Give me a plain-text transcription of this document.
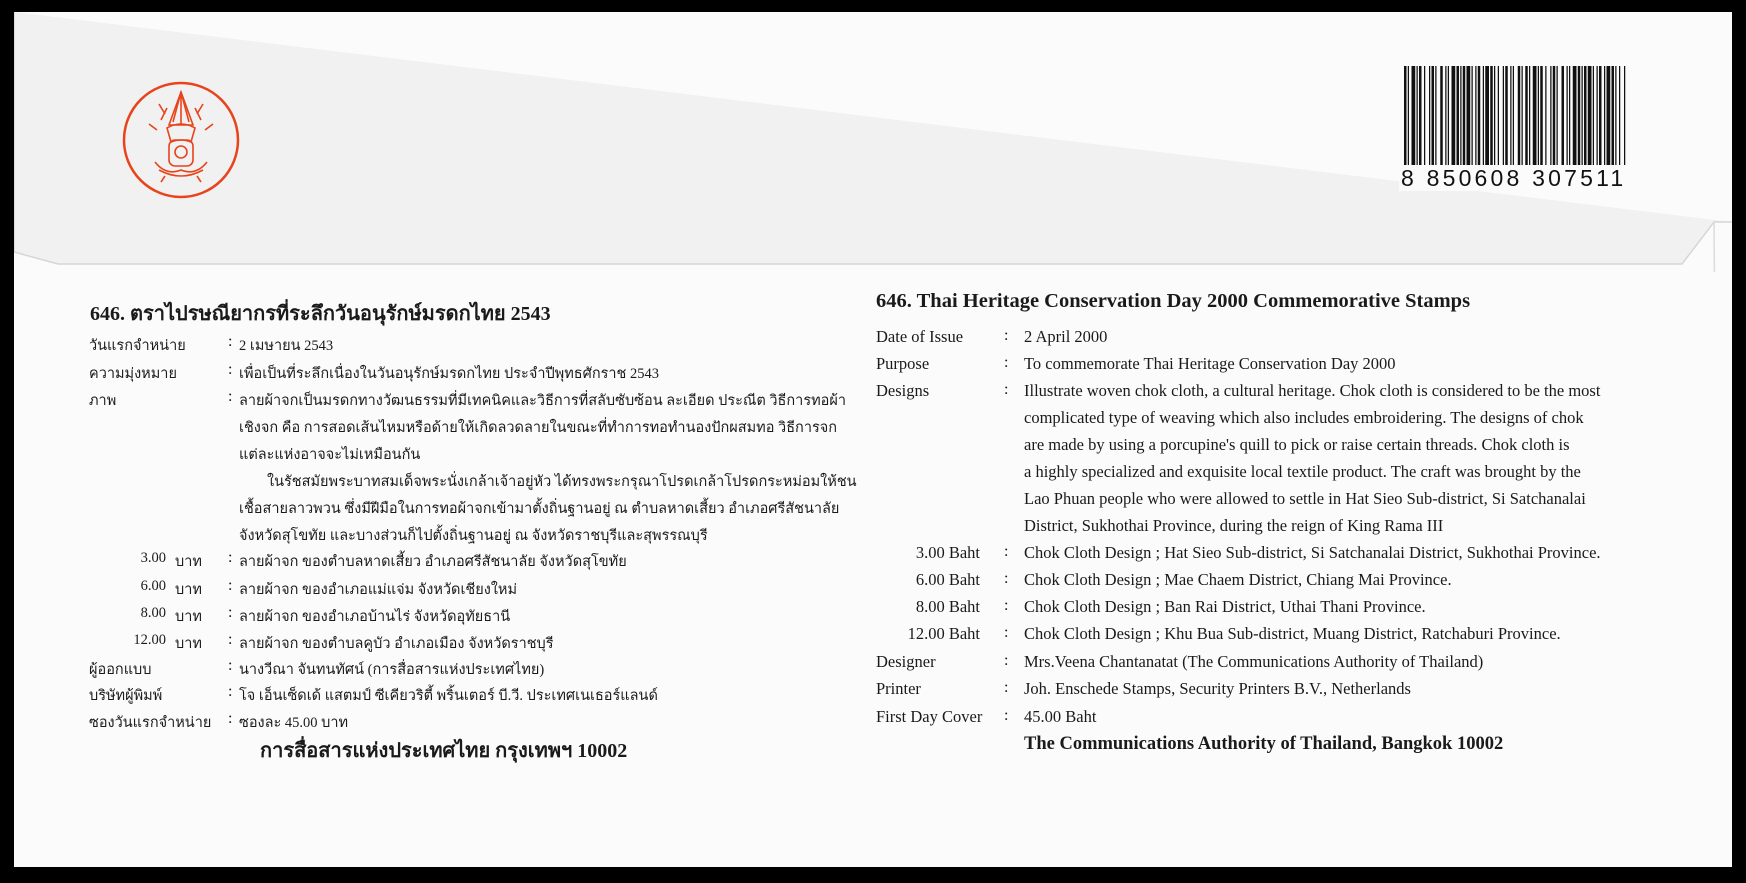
8 850608 307511
646. ตราไปรษณียากรที่ระลึกวันอนุรักษ์มรดกไทย 2543
วันแรกจำหน่าย	: 2 เมษายน 2543
ความมุ่งหมาย	: เพื่อเป็นที่ระลึกเนื่องในวันอนุรักษ์มรดกไทย ประจำปีพุทธศักราช 2543
ภาพ	: ลายผ้าจกเป็นมรดกทางวัฒนธรรมที่มีเทคนิคและวิธีการที่สลับซับซ้อน ละเอียด ประณีต วิธีการทอผ้า
เชิงจก คือ การสอดเส้นไหมหรือด้ายให้เกิดลวดลายในขณะที่ทำการทอทำนองปักผสมทอ วิธีการจก
แต่ละแห่งอาจจะไม่เหมือนกัน
ในรัชสมัยพระบาทสมเด็จพระนั่งเกล้าเจ้าอยู่หัว ได้ทรงพระกรุณาโปรดเกล้าโปรดกระหม่อมให้ชน
เชื้อสายลาวพวน ซึ่งมีฝีมือในการทอผ้าจกเข้ามาตั้งถิ่นฐานอยู่ ณ ตำบลหาดเสี้ยว อำเภอศรีสัชนาลัย
จังหวัดสุโขทัย และบางส่วนก็ไปตั้งถิ่นฐานอยู่ ณ จังหวัดราชบุรีและสุพรรณบุรี
3.00 บาท : ลายผ้าจก ของตำบลหาดเสี้ยว อำเภอศรีสัชนาลัย จังหวัดสุโขทัย
6.00 บาท : ลายผ้าจก ของอำเภอแม่แจ่ม จังหวัดเชียงใหม่
8.00 บาท : ลายผ้าจก ของอำเภอบ้านไร่ จังหวัดอุทัยธานี
12.00 บาท : ลายผ้าจก ของตำบลคูบัว อำเภอเมือง จังหวัดราชบุรี
ผู้ออกแบบ	: นางวีณา จันทนทัศน์ (การสื่อสารแห่งประเทศไทย)
บริษัทผู้พิมพ์	: โจ เอ็นเซ็ดเด้ แสตมป์ ซีเคียวริตี้ พริ้นเตอร์ บี.วี. ประเทศเนเธอร์แลนด์
ซองวันแรกจำหน่าย : ซองละ 45.00 บาท
การสื่อสารแห่งประเทศไทย กรุงเทพฯ 10002
646. Thai Heritage Conservation Day 2000 Commemorative Stamps
Date of Issue	: 2 April 2000
Purpose	: To commemorate Thai Heritage Conservation Day 2000
Designs	: Illustrate woven chok cloth, a cultural heritage. Chok cloth is considered to be the most
complicated type of weaving which also includes embroidering. The designs of chok
are made by using a porcupine's quill to pick or raise certain threads. Chok cloth is
a highly specialized and exquisite local textile product. The craft was brought by the
Lao Phuan people who were allowed to settle in Hat Sieo Sub-district, Si Satchanalai
District, Sukhothai Province, during the reign of King Rama III
3.00 Baht : Chok Cloth Design ; Hat Sieo Sub-district, Si Satchanalai District, Sukhothai Province.
6.00 Baht : Chok Cloth Design ; Mae Chaem District, Chiang Mai Province.
8.00 Baht : Chok Cloth Design ; Ban Rai District, Uthai Thani Province.
12.00 Baht : Chok Cloth Design ; Khu Bua Sub-district, Muang District, Ratchaburi Province.
Designer	: Mrs.Veena Chantanatat (The Communications Authority of Thailand)
Printer	: Joh. Enschede Stamps, Security Printers B.V., Netherlands
First Day Cover : 45.00 Baht
The Communications Authority of Thailand, Bangkok 10002
